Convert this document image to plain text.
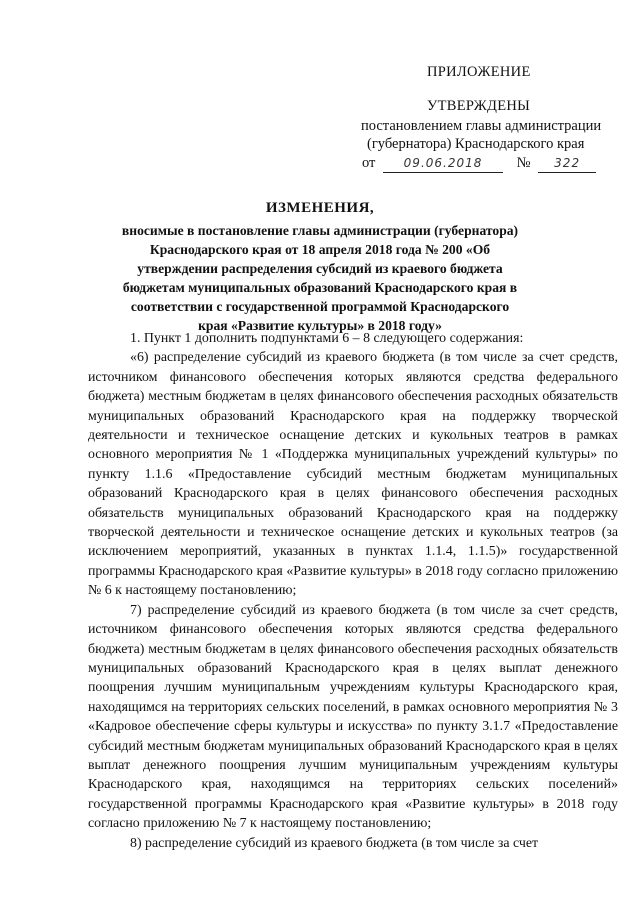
ПРИЛОЖЕНИЕ
УТВЕРЖДЕНЫ
постановлением главы администрации
(губернатора) Краснодарского края
от 09.06.2018 № 322
ИЗМЕНЕНИЯ,
вносимые в постановление главы администрации (губернатора) Краснодарского края от 18 апреля 2018 года № 200 «Об утверждении распределения субсидий из краевого бюджета бюджетам муниципальных образований Краснодарского края в соответствии с государственной программой Краснодарского края «Развитие культуры» в 2018 году»

1. Пункт 1 дополнить подпунктами 6 – 8 следующего содержания:

«6) распределение субсидий из краевого бюджета (в том числе за счет средств, источником финансового обеспечения которых являются средства федерального бюджета) местным бюджетам в целях финансового обеспечения расходных обязательств муниципальных образований Краснодарского края на поддержку творческой деятельности и техническое оснащение детских и кукольных театров в рамках основного мероприятия № 1 «Поддержка муниципальных учреждений культуры» по пункту 1.1.6 «Предоставление субсидий местным бюджетам муниципальных образований Краснодарского края в целях финансового обеспечения расходных обязательств муниципальных образований Краснодарского края на поддержку творческой деятельности и техническое оснащение детских и кукольных театров (за исключением мероприятий, указанных в пунктах 1.1.4, 1.1.5)» государственной программы Краснодарского края «Развитие культуры» в 2018 году согласно приложению № 6 к настоящему постановлению;

7) распределение субсидий из краевого бюджета (в том числе за счет средств, источником финансового обеспечения которых являются средства федерального бюджета) местным бюджетам в целях финансового обеспечения расходных обязательств муниципальных образований Краснодарского края в целях выплат денежного поощрения лучшим муниципальным учреждениям культуры Краснодарского края, находящимся на территориях сельских поселений, в рамках основного мероприятия № 3 «Кадровое обеспечение сферы культуры и искусства» по пункту 3.1.7 «Предоставление субсидий местным бюджетам муниципальных образований Краснодарского края в целях выплат денежного поощрения лучшим муниципальным учреждениям культуры Краснодарского края, находящимся на территориях сельских поселений» государственной программы Краснодарского края «Развитие культуры» в 2018 году согласно приложению № 7 к настоящему постановлению;

8) распределение субсидий из краевого бюджета (в том числе за счет
